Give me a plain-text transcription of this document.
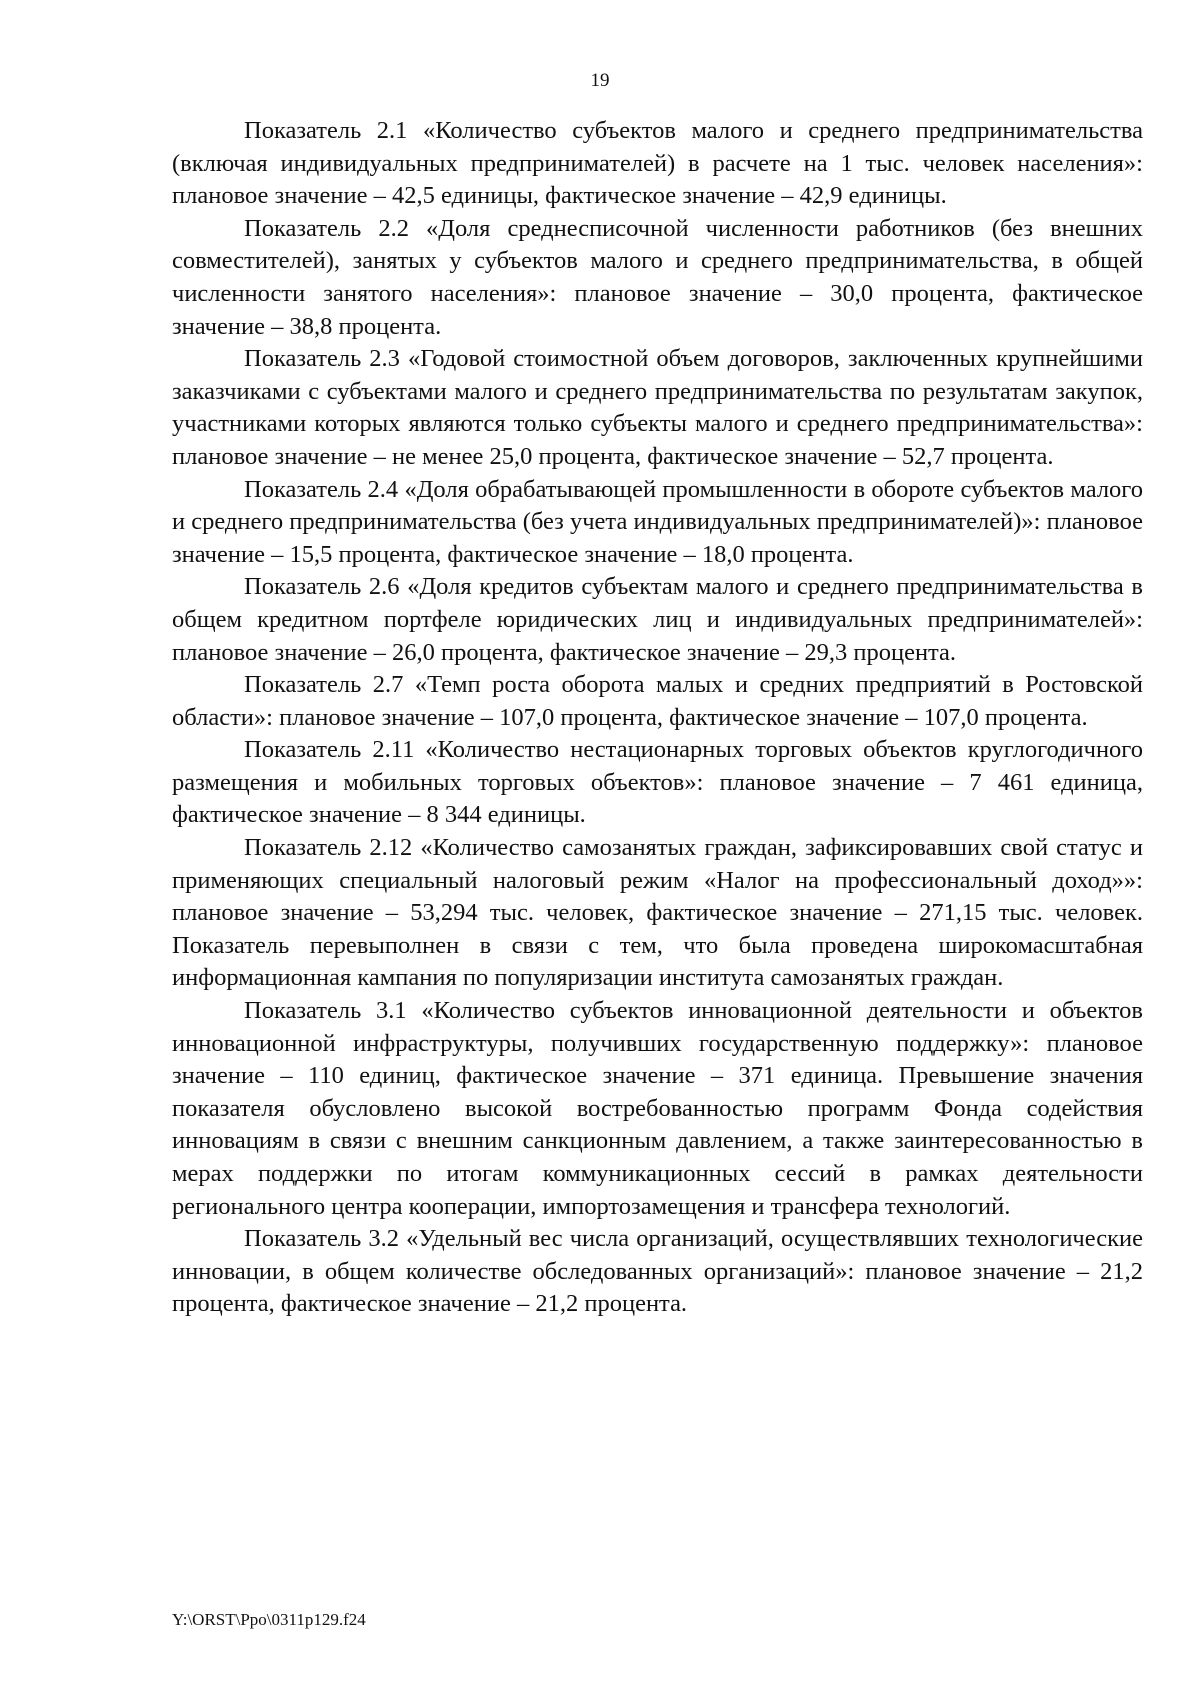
19

Показатель 2.1 «Количество субъектов малого и среднего предпринимательства (включая индивидуальных предпринимателей) в расчете на 1 тыс. человек населения»: плановое значение – 42,5 единицы, фактическое значение – 42,9 единицы.

Показатель 2.2 «Доля среднесписочной численности работников (без внешних совместителей), занятых у субъектов малого и среднего предпринимательства, в общей численности занятого населения»: плановое значение – 30,0 процента, фактическое значение – 38,8 процента.

Показатель 2.3 «Годовой стоимостной объем договоров, заключенных крупнейшими заказчиками с субъектами малого и среднего предпринимательства по результатам закупок, участниками которых являются только субъекты малого и среднего предпринимательства»: плановое значение – не менее 25,0 процента, фактическое значение – 52,7 процента.

Показатель 2.4 «Доля обрабатывающей промышленности в обороте субъектов малого и среднего предпринимательства (без учета индивидуальных предпринимателей)»: плановое значение – 15,5 процента, фактическое значение – 18,0 процента.

Показатель 2.6 «Доля кредитов субъектам малого и среднего предпринимательства в общем кредитном портфеле юридических лиц и индивидуальных предпринимателей»: плановое значение – 26,0 процента, фактическое значение – 29,3 процента.

Показатель 2.7 «Темп роста оборота малых и средних предприятий в Ростовской области»: плановое значение – 107,0 процента, фактическое значение – 107,0 процента.

Показатель 2.11 «Количество нестационарных торговых объектов круглогодичного размещения и мобильных торговых объектов»: плановое значение – 7 461 единица, фактическое значение – 8 344 единицы.

Показатель 2.12 «Количество самозанятых граждан, зафиксировавших свой статус и применяющих специальный налоговый режим «Налог на профессиональный доход»»: плановое значение – 53,294 тыс. человек, фактическое значение – 271,15 тыс. человек. Показатель перевыполнен в связи с тем, что была проведена широкомасштабная информационная кампания по популяризации института самозанятых граждан.

Показатель 3.1 «Количество субъектов инновационной деятельности и объектов инновационной инфраструктуры, получивших государственную поддержку»: плановое значение – 110 единиц, фактическое значение – 371 единица. Превышение значения показателя обусловлено высокой востребованностью программ Фонда содействия инновациям в связи с внешним санкционным давлением, а также заинтересованностью в мерах поддержки по итогам коммуникационных сессий в рамках деятельности регионального центра кооперации, импортозамещения и трансфера технологий.

Показатель 3.2 «Удельный вес числа организаций, осуществлявших технологические инновации, в общем количестве обследованных организаций»: плановое значение – 21,2 процента, фактическое значение – 21,2 процента.

Y:\ORST\Ppo\0311p129.f24
